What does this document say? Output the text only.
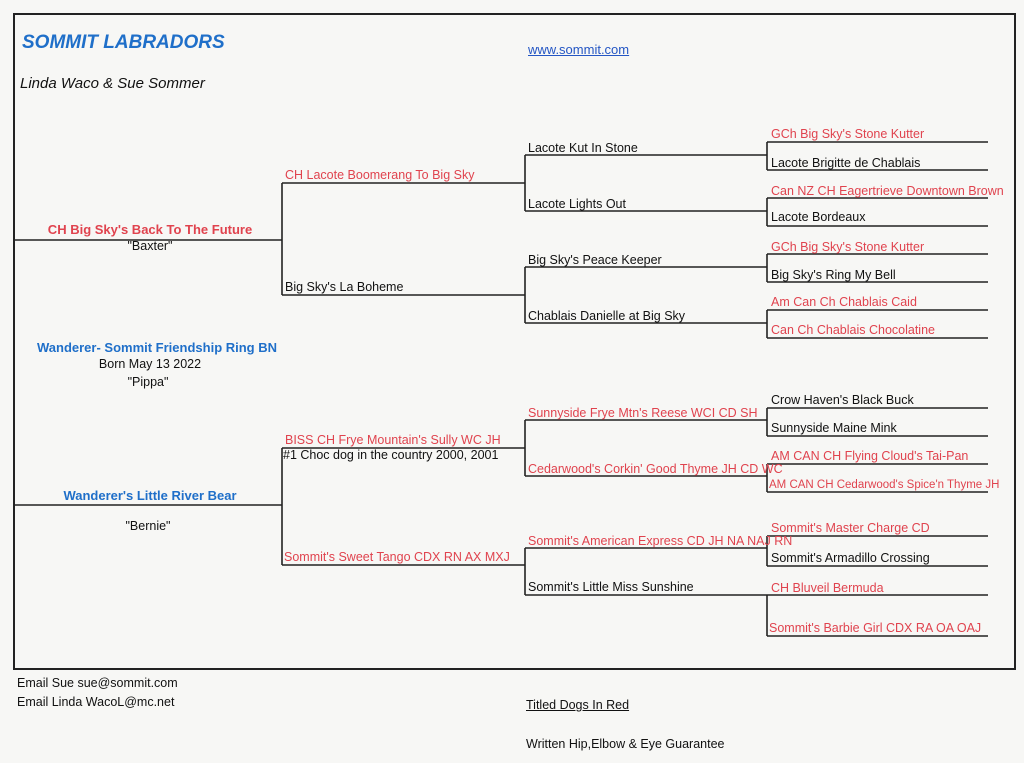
SOMMIT LABRADORS
Linda Waco & Sue Sommer
www.sommit.com
Wanderer- Sommit Friendship Ring BN
Born May 13 2022
"Pippa"
CH Big Sky's Back To The Future
"Baxter"
Wanderer's Little River Bear
"Bernie"
CH Lacote Boomerang To Big Sky
Big Sky's La Boheme
BISS CH Frye Mountain's Sully WC JH
#1 Choc dog in the country 2000, 2001
Sommit's Sweet Tango CDX RN AX MXJ
Lacote Kut In Stone
Lacote Lights Out
Big Sky's Peace Keeper
Chablais Danielle at Big Sky
Sunnyside Frye Mtn's Reese WCI CD SH
Cedarwood's Corkin' Good Thyme JH CD WC
Sommit's American Express CD JH NA NAJ RN
Sommit's Little Miss Sunshine
GCh Big Sky's Stone Kutter
Lacote Brigitte de Chablais
Can NZ CH Eagertrieve Downtown Brown
Lacote Bordeaux
GCh Big Sky's Stone Kutter
Big Sky's Ring My Bell
Am Can Ch Chablais Caid
Can Ch Chablais Chocolatine
Crow Haven's Black Buck
Sunnyside Maine Mink
AM CAN CH Flying Cloud's Tai-Pan
AM CAN CH Cedarwood's Spice'n Thyme JH
Sommit's Master Charge CD
Sommit's Armadillo Crossing
CH Bluveil Bermuda
Sommit's Barbie Girl CDX RA OA OAJ
Email Sue sue@sommit.com
Email Linda WacoL@mc.net	Titled Dogs In Red
Written Hip,Elbow & Eye Guarantee
